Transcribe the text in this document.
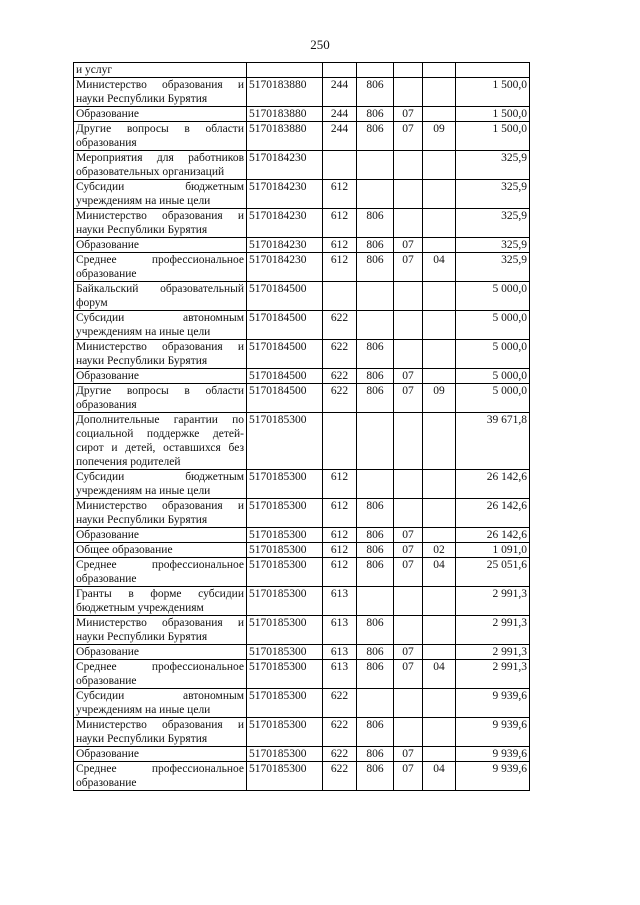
250
и услуг						
Министерство образования и науки Республики Бурятия	5170183880	244	806			1 500,0
Образование	5170183880	244	806	07		1 500,0
Другие вопросы в области образования	5170183880	244	806	07	09	1 500,0
Мероприятия для работников образовательных организаций	5170184230					325,9
Субсидии бюджетным учреждениям на иные цели	5170184230	612				325,9
Министерство образования и науки Республики Бурятия	5170184230	612	806			325,9
Образование	5170184230	612	806	07		325,9
Среднее профессиональное образование	5170184230	612	806	07	04	325,9
Байкальский образовательный форум	5170184500					5 000,0
Субсидии автономным учреждениям на иные цели	5170184500	622				5 000,0
Министерство образования и науки Республики Бурятия	5170184500	622	806			5 000,0
Образование	5170184500	622	806	07		5 000,0
Другие вопросы в области образования	5170184500	622	806	07	09	5 000,0
Дополнительные гарантии по социальной поддержке детей-сирот и детей, оставшихся без попечения родителей	5170185300					39 671,8
Субсидии бюджетным учреждениям на иные цели	5170185300	612				26 142,6
Министерство образования и науки Республики Бурятия	5170185300	612	806			26 142,6
Образование	5170185300	612	806	07		26 142,6
Общее образование	5170185300	612	806	07	02	1 091,0
Среднее профессиональное образование	5170185300	612	806	07	04	25 051,6
Гранты в форме субсидии бюджетным учреждениям	5170185300	613				2 991,3
Министерство образования и науки Республики Бурятия	5170185300	613	806			2 991,3
Образование	5170185300	613	806	07		2 991,3
Среднее профессиональное образование	5170185300	613	806	07	04	2 991,3
Субсидии автономным учреждениям на иные цели	5170185300	622				9 939,6
Министерство образования и науки Республики Бурятия	5170185300	622	806			9 939,6
Образование	5170185300	622	806	07		9 939,6
Среднее профессиональное образование	5170185300	622	806	07	04	9 939,6
